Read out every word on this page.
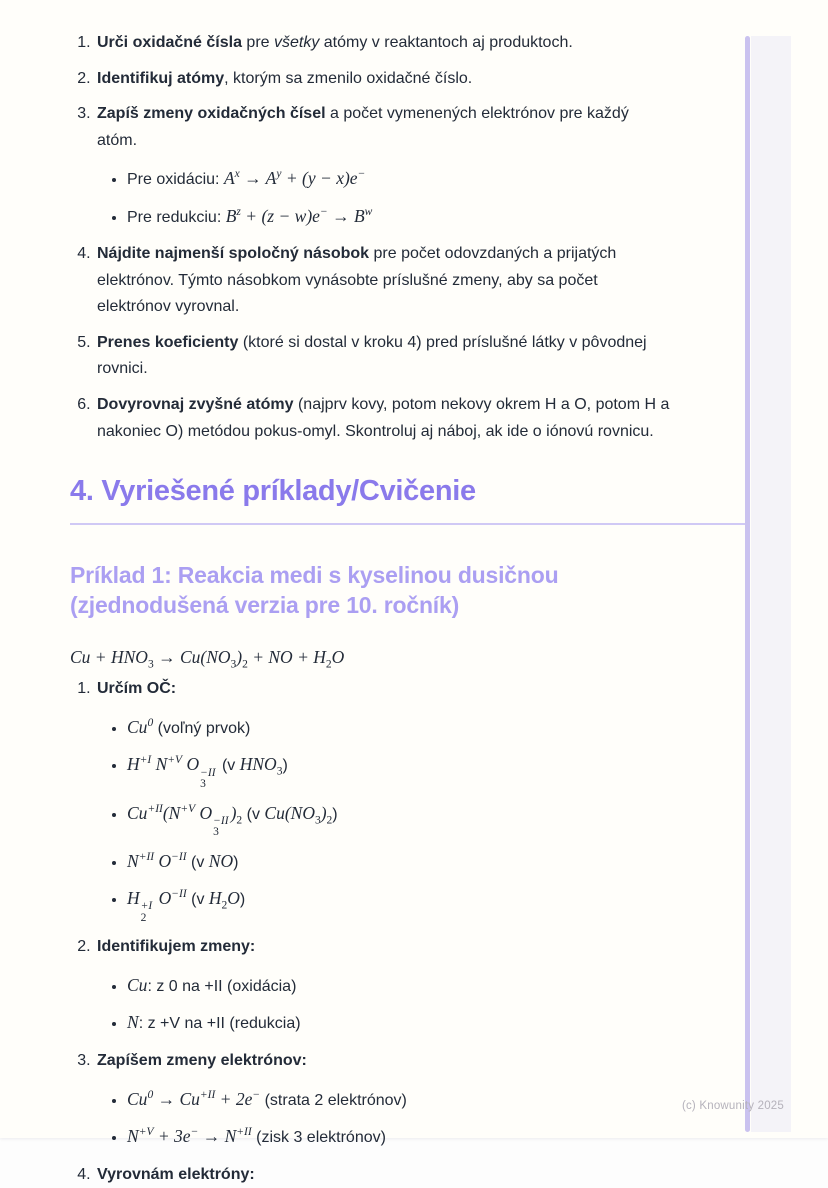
1. Urči oxidačné čísla pre všetky atómy v reaktantoch aj produktoch.
2. Identifikuj atómy, ktorým sa zmenilo oxidačné číslo.
3. Zapíš zmeny oxidačných čísel a počet vymenených elektrónov pre každý atóm.
• Pre oxidáciu: $A^x \to A^y + (y - x)e^-$
• Pre redukciu: $B^z + (z - w)e^- \to B^w$
4. Nájdite najmenší spoločný násobok pre počet odovzdaných a prijatých elektrónov. Týmto násobkom vynásobte príslušné zmeny, aby sa počet elektrónov vyrovnal.
5. Prenes koeficienty (ktoré si dostal v kroku 4) pred príslušné látky v pôvodnej rovnici.
6. Dovyrovnaj zvyšné atómy (najprv kovy, potom nekovy okrem H a O, potom H a nakoniec O) metódou pokus-omyl. Skontroluj aj náboj, ak ide o iónovú rovnicu.
4. Vyriešené príklady/Cvičenie
Príklad 1: Reakcia medi s kyselinou dusičnou (zjednodušená verzia pre 10. ročník)
$Cu + HNO_3 \to Cu(NO_3)_2$ + NO + $H_2O$
1. Určím OČ:
• Cu$^0$ (voľný prvok)
• $H^{+I}$ $N^{+V}$ O −II
3
(v $HNO_3$)
• $Cu^{+II}(N^{+V}$ O −II
3
)$_2$ (v $Cu(NO_3)_2$)
• $N^{+II}$ $O^{-II}$ (v NO)
• H +I
2
$O^{-II}$ (v $H_2O$)
2. Identifikujem zmeny:
• Cu: z 0 na +II (oxidácia)
• N: z +V na +II (redukcia)
3. Zapíšem zmeny elektrónov:
• $Cu^0 \to Cu^{+II} + 2e^-$ (strata 2 elektrónov)
• $N^{+V} + 3e^- \to N^{+II}$ (zisk 3 elektrónov)
4. Vyrovnám elektróny:
(c) Knowunity 2025
